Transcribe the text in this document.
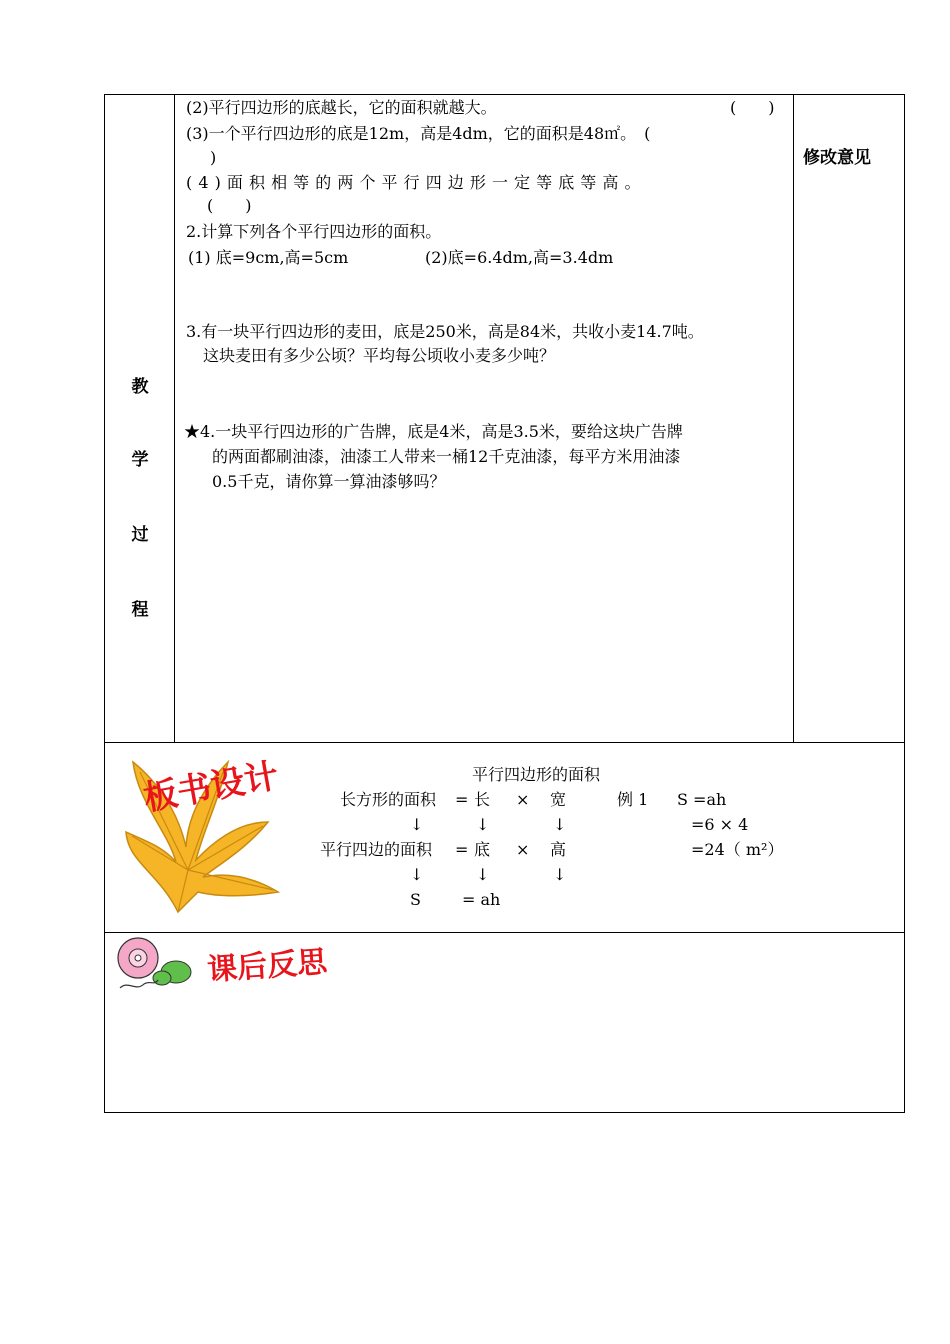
教
学
过
程
修改意见
(2)平行四边形的底越长，它的面积就越大。	(　　)
(3)一个平行四边形的底是12m，高是4dm，它的面积是48㎡。　(
)
( 4 ) 面 积 相 等 的 两 个 平 行 四 边 形 一 定 等 底 等 高 。
(　　)
2.计算下列各个平行四边形的面积。
(1) 底=9cm,高=5cm	(2)底=6.4dm,高=3.4dm
3.有一块平行四边形的麦田，底是250米，高是84米，共收小麦14.7吨。
这块麦田有多少公顷？平均每公顷收小麦多少吨？
★4.一块平行四边形的广告牌，底是4米，高是3.5米，要给这块广告牌
的两面都刷油漆，油漆工人带来一桶12千克油漆，每平方米用油漆
0.5千克，请你算一算油漆够吗？
板书设计	平行四边形的面积
长方形的面积 = 长 × 宽	例 1 S =ah
=6 × 4
=24（ m²）
↓	↓	↓
平行四边的面积 = 底 × 高
↓	↓	↓
S	= ah
课后反思
